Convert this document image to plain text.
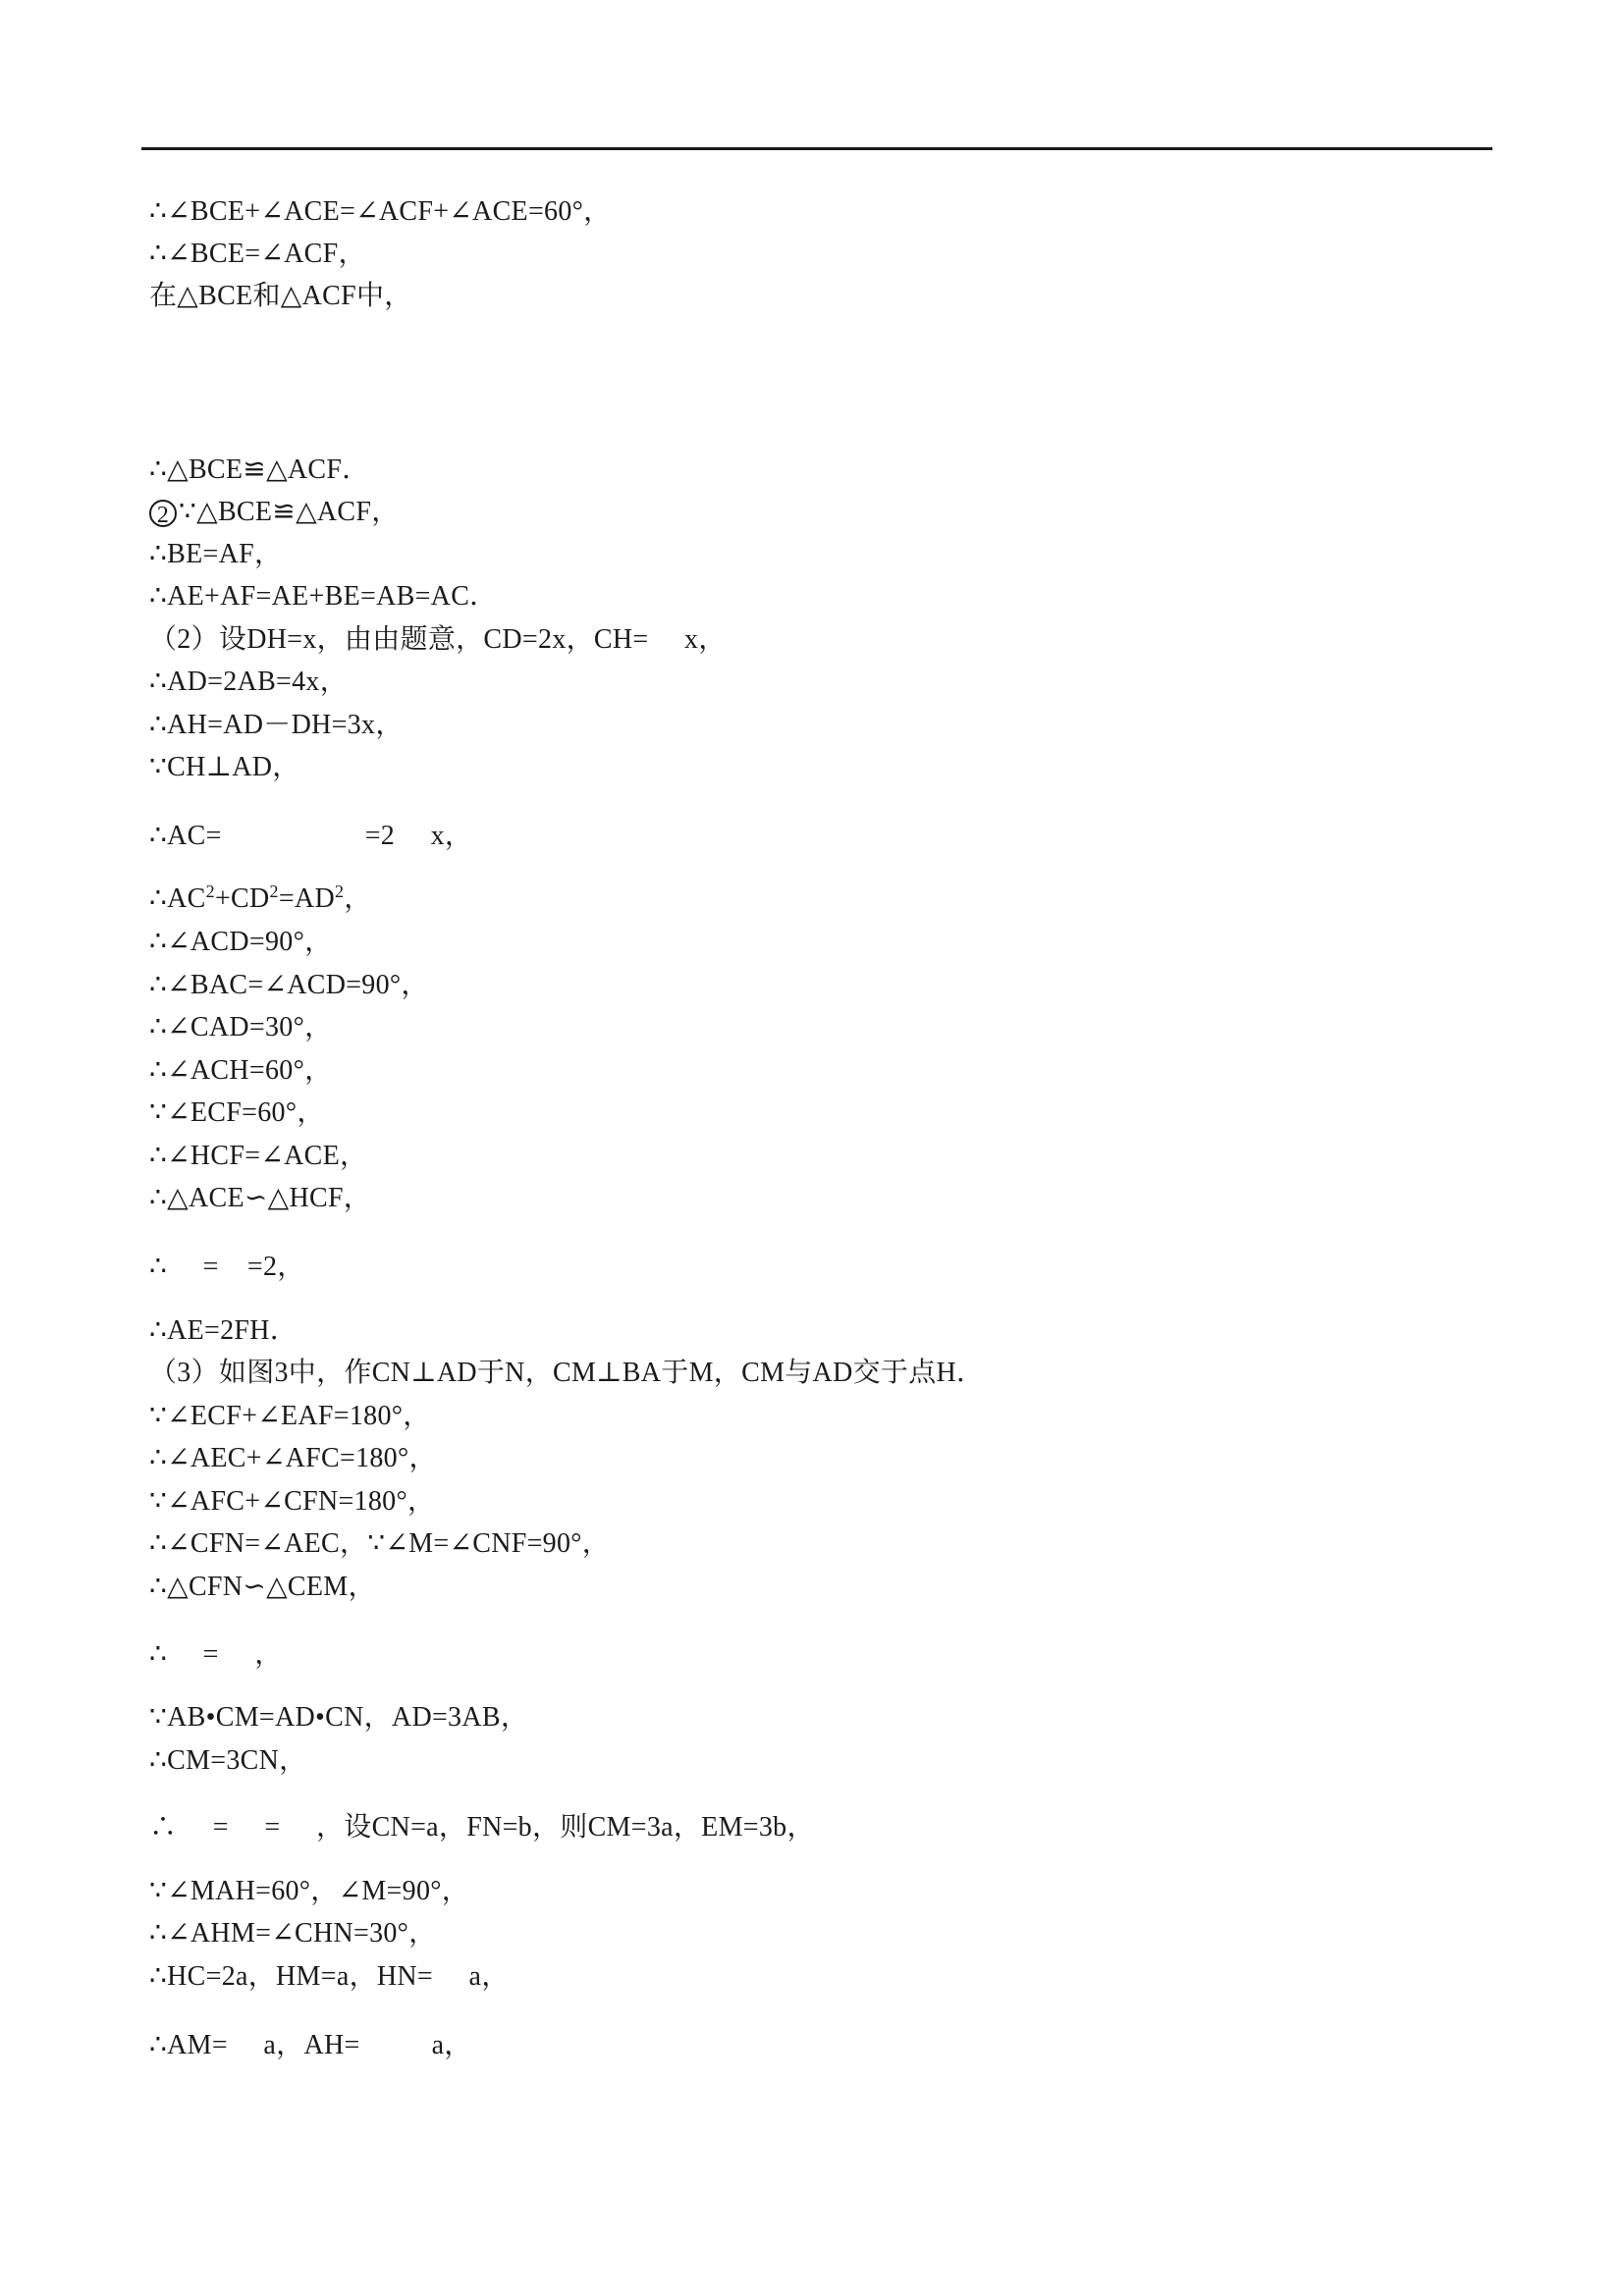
∴∠BCE+∠ACE=∠ACF+∠ACE=60°，
∴∠BCE=∠ACF，
在△BCE和△ACF中，
∴△BCE≌△ACF．
2 ∵△BCE≌△ACF，
∴BE=AF，
∴AE+AF=AE+BE=AB=AC．
（2）设DH=x，由由题意，CD=2x，CH=     x，
∴AD=2AB=4x，
∴AH=AD－DH=3x，
∵CH⊥AD，
∴AC=                    =2     x，
$\therefore AC^2+CD^2=AD^2$，
∴∠ACD=90°，
∴∠BAC=∠ACD=90°，
∴∠CAD=30°，
∴∠ACH=60°，
∵∠ECF=60°，
∴∠HCF=∠ACE，
∴△ACE∽△HCF，
∴     =    =2，
∴AE=2FH．
（3）如图3中，作CN⊥AD于N，CM⊥BA于M，CM与AD交于点H．
∵∠ECF+∠EAF=180°，
∴∠AEC+∠AFC=180°，
∵∠AFC+∠CFN=180°，
∴∠CFN=∠AEC，∵∠M=∠CNF=90°，
∴△CFN∽△CEM，
∴     =     ，
∵AB•CM=AD•CN，AD=3AB，
∴CM=3CN，
∴     =     =     ，设CN=a，FN=b，则CM=3a，EM=3b，
∵∠MAH=60°，∠M=90°，
∴∠AHM=∠CHN=30°，
∴HC=2a，HM=a，HN=     a，
∴AM=     a，AH=          a，
